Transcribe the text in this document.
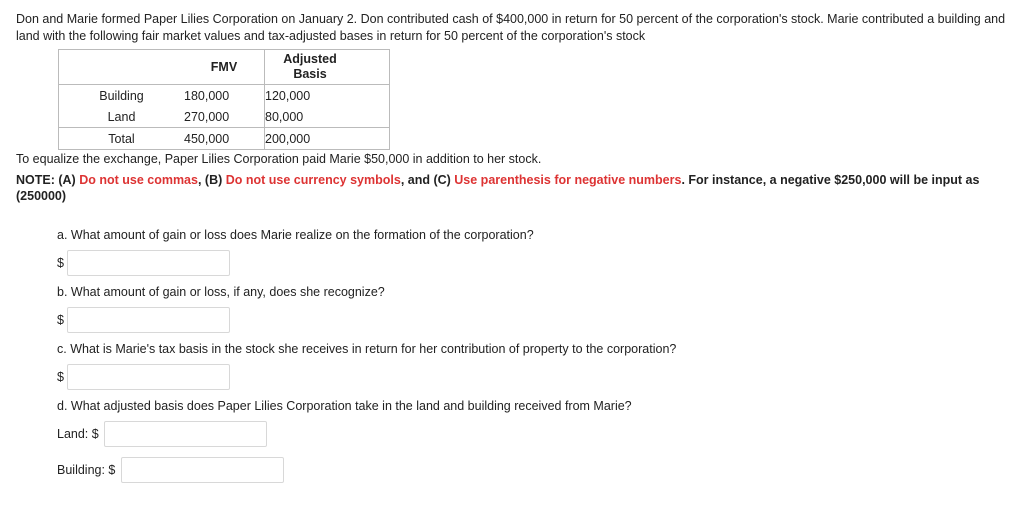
Don and Marie formed Paper Lilies Corporation on January 2. Don contributed cash of $400,000 in return for 50 percent of the corporation's stock. Marie contributed a building and land with the following fair market values and tax-adjusted bases in return for 50 percent of the corporation's stock
	FMV	Adjusted Basis	
Building	180,000	120,000	
Land	270,000	80,000	
Total	450,000	200,000	
To equalize the exchange, Paper Lilies Corporation paid Marie $50,000 in addition to her stock.
NOTE: (A) Do not use commas, (B) Do not use currency symbols, and (C) Use parenthesis for negative numbers. For instance, a negative $250,000 will be input as (250000)
a. What amount of gain or loss does Marie realize on the formation of the corporation?
$
b. What amount of gain or loss, if any, does she recognize?
$
c. What is Marie's tax basis in the stock she receives in return for her contribution of property to the corporation?
$
d. What adjusted basis does Paper Lilies Corporation take in the land and building received from Marie?
Land: $
Building: $
